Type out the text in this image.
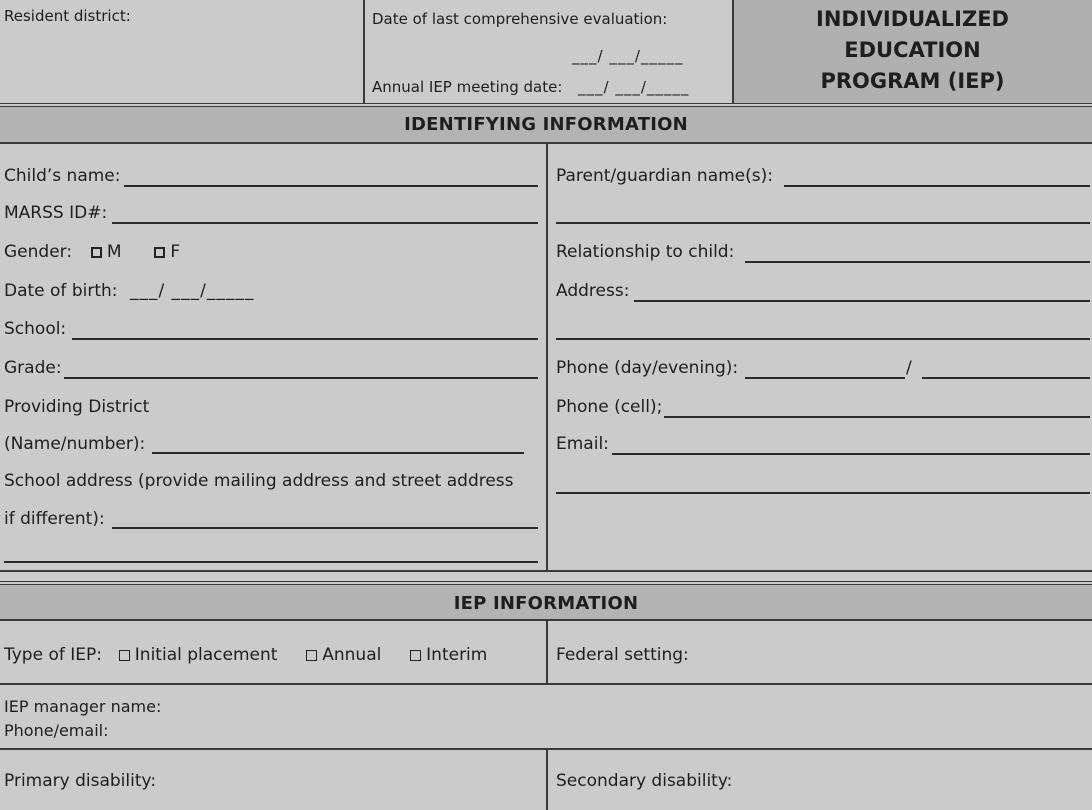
Resident district:	Date of last comprehensive evaluation:
___/ ___/_____
Annual IEP meeting date: ___/ ___/_____
INDIVIDUALIZED
EDUCATION
PROGRAM (IEP)
IDENTIFYING INFORMATION
Child’s name:
MARSS ID#:
Gender: M	F
Date of birth: ___/ ___/_____
School:
Grade:
Providing District
(Name/number):
School address (provide mailing address and street address
if different):
Parent/guardian name(s):
Relationship to child:
Address:
Phone (day/evening):	/
Phone (cell);
Email:
IEP INFORMATION
Type of IEP: Initial placement	Annual	Interim	Federal setting:
IEP manager name:
Phone/email:
Primary disability:	Secondary disability:
